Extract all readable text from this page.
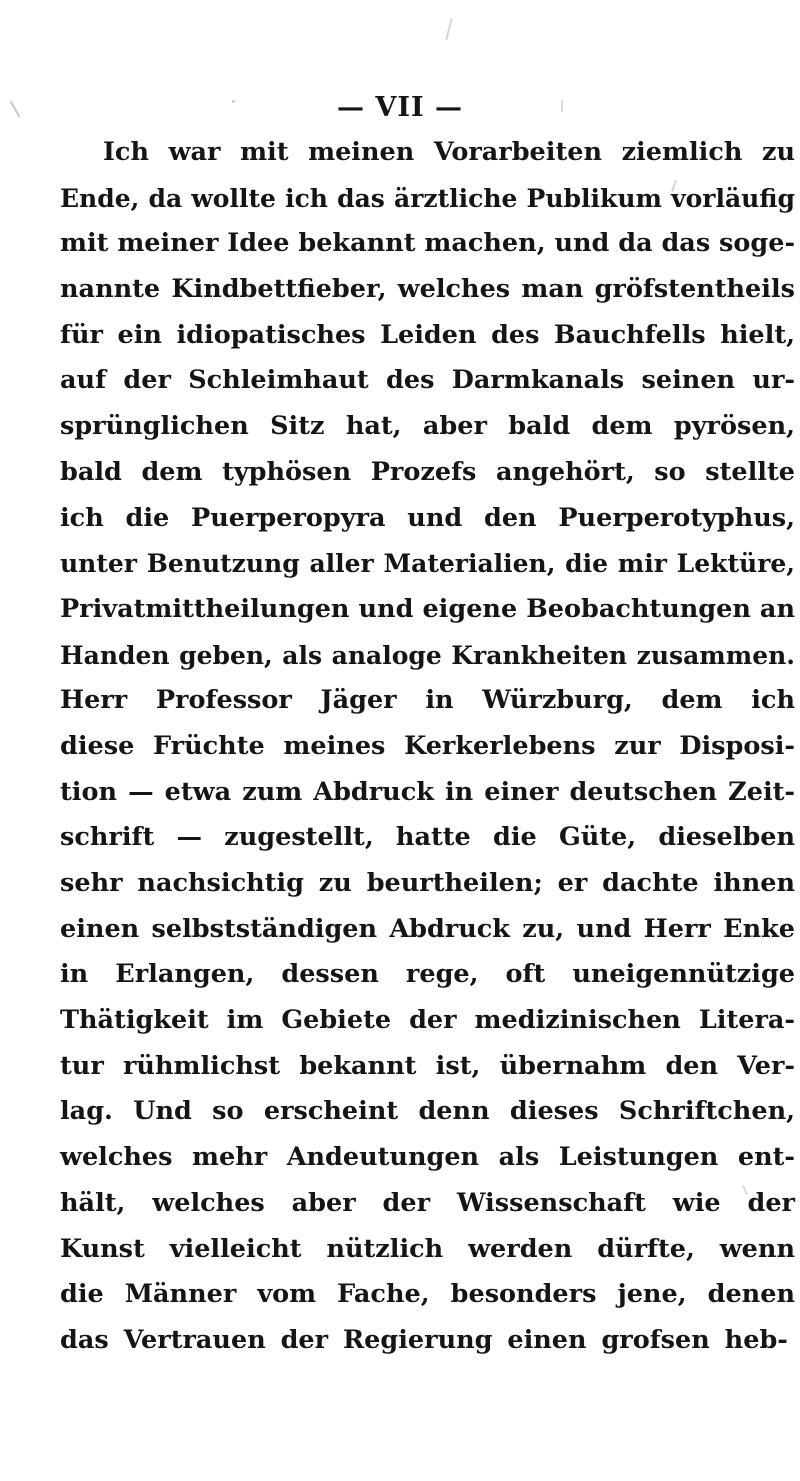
— VII —
Ich war mit meinen Vorarbeiten ziemlich zu
Ende, da wollte ich das ärztliche Publikum vorläufig
mit meiner Idee bekannt machen, und da das soge-
nannte Kindbettfieber, welches man gröfstentheils
für ein idiopatisches Leiden des Bauchfells hielt,
auf der Schleimhaut des Darmkanals seinen ur-
sprünglichen Sitz hat, aber bald dem pyrösen,
bald dem typhösen Prozefs angehört, so stellte
ich die Puerperopyra und den Puerperotyphus,
unter Benutzung aller Materialien, die mir Lektüre,
Privatmittheilungen und eigene Beobachtungen an
Handen geben, als analoge Krankheiten zusammen.
Herr Professor Jäger in Würzburg, dem ich
diese Früchte meines Kerkerlebens zur Disposi-
tion — etwa zum Abdruck in einer deutschen Zeit-
schrift — zugestellt, hatte die Güte, dieselben
sehr nachsichtig zu beurtheilen; er dachte ihnen
einen selbstständigen Abdruck zu, und Herr Enke
in Erlangen, dessen rege, oft uneigennützige
Thätigkeit im Gebiete der medizinischen Litera-
tur rühmlichst bekannt ist, übernahm den Ver-
lag. Und so erscheint denn dieses Schriftchen,
welches mehr Andeutungen als Leistungen ent-
hält, welches aber der Wissenschaft wie der
Kunst vielleicht nützlich werden dürfte, wenn
die Männer vom Fache, besonders jene, denen
das Vertrauen der Regierung einen grofsen heb-
